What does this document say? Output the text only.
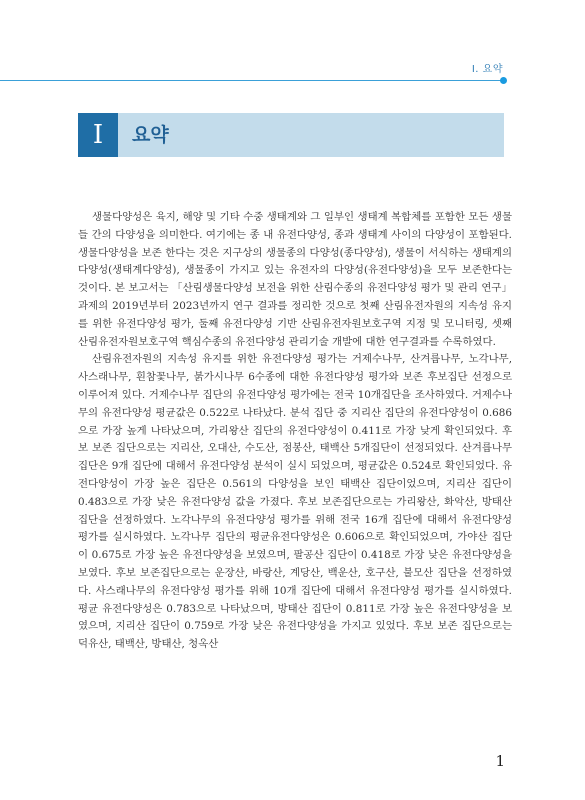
Ⅰ. 요약
Ⅰ	요약

생물다양성은 육지, 해양 및 기타 수중 생태계와 그 일부인 생태계 복합체를 포함한 모든 생물들 간의 다양성을 의미한다. 여기에는 종 내 유전다양성, 종과 생태계 사이의 다양성이 포함된다. 생물다양성을 보존 한다는 것은 지구상의 생물종의 다양성(종다양성), 생물이 서식하는 생태계의 다양성(생태계다양성), 생물종이 가지고 있는 유전자의 다양성(유전다양성)을 모두 보존한다는 것이다. 본 보고서는 「산림생물다양성 보전을 위한 산림수종의 유전다양성 평가 및 관리 연구」 과제의 2019년부터 2023년까지 연구 결과를 정리한 것으로 첫째 산림유전자원의 지속성 유지를 위한 유전다양성 평가, 둘째 유전다양성 기반 산림유전자원보호구역 지정 및 모니터링, 셋째 산림유전자원보호구역 핵심수종의 유전다양성 관리기술 개발에 대한 연구결과를 수록하였다.

산림유전자원의 지속성 유지를 위한 유전다양성 평가는 거제수나무, 산겨릅나무, 노각나무, 사스래나무, 흰참꽃나무, 붉가시나무 6수종에 대한 유전다양성 평가와 보존 후보집단 선정으로 이루어져 있다. 거제수나무 집단의 유전다양성 평가에는 전국 10개집단을 조사하였다. 거제수나무의 유전다양성 평균값은 0.522로 나타났다. 분석 집단 중 지리산 집단의 유전다양성이 0.686으로 가장 높게 나타났으며, 가리왕산 집단의 유전다양성이 0.411로 가장 낮게 확인되었다. 후보 보존 집단으로는 지리산, 오대산, 수도산, 점봉산, 태백산 5개집단이 선정되었다. 산겨릅나무 집단은 9개 집단에 대해서 유전다양성 분석이 실시 되었으며, 평균값은 0.524로 확인되었다. 유전다양성이 가장 높은 집단은 0.561의 다양성을 보인 태백산 집단이었으며, 지리산 집단이 0.483으로 가장 낮은 유전다양성 값을 가졌다. 후보 보존집단으로는 가리왕산, 화악산, 방태산 집단을 선정하였다. 노각나무의 유전다양성 평가를 위해 전국 16개 집단에 대해서 유전다양성 평가를 실시하였다. 노각나무 집단의 평균유전다양성은 0.606으로 확인되었으며, 가야산 집단이 0.675로 가장 높은 유전다양성을 보였으며, 팔공산 집단이 0.418로 가장 낮은 유전다양성을 보였다. 후보 보존집단으로는 운장산, 바랑산, 계당산, 백운산, 호구산, 불모산 집단을 선정하였다. 사스래나무의 유전다양성 평가를 위해 10개 집단에 대해서 유전다양성 평가를 실시하였다. 평균 유전다양성은 0.783으로 나타났으며, 방태산 집단이 0.811로 가장 높은 유전다양성을 보였으며, 지리산 집단이 0.759로 가장 낮은 유전다양성을 가지고 있었다. 후보 보존 집단으로는 덕유산, 태백산, 방태산, 청옥산

1
